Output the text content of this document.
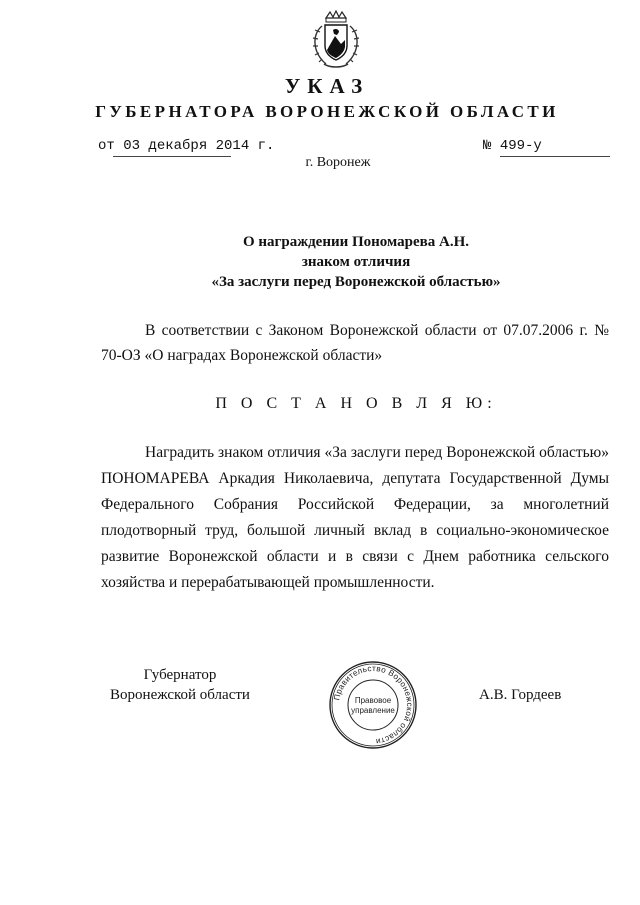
УКАЗ
ГУБЕРНАТОРА ВОРОНЕЖСКОЙ ОБЛАСТИ
от 03 декабря 2014 г.	№ 499-у
г. Воронеж
О награждении Пономарева А.Н.
знаком отличия
«За заслуги перед Воронежской областью»
В соответствии с Законом Воронежской области от 07.07.2006 г. № 70-ОЗ «О наградах Воронежской области»
П О С Т А Н О В Л Я Ю:
Наградить знаком отличия «За заслуги перед Воронежской областью» ПОНОМАРЕВА Аркадия Николаевича, депутата Государственной Думы Федерального Собрания Российской Федерации, за многолетний плодотворный труд, большой личный вклад в социально-экономическое развитие Воронежской области и в связи с Днем работника сельского хозяйства и перерабатывающей промышленности.
Губернатор
Воронежской области	Правительство Воронежской области
Правовое
управление
А.В. Гордеев
